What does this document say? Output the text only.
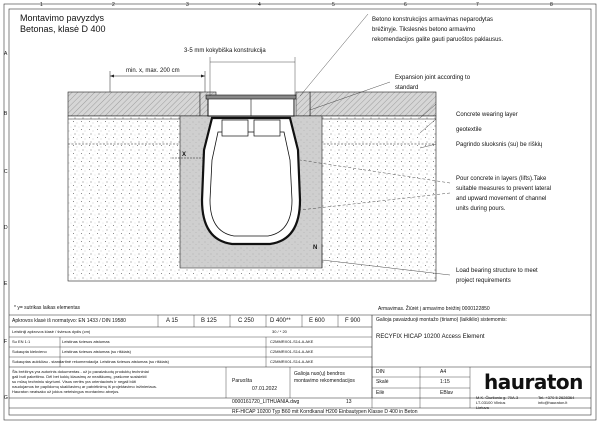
A
B
C
D
E
F
G
1	2	3	4	5	6	7	8
Montavimo pavyzdys
Betonas, klasė D 400
3-5 mm kokybiška konstrukcija
min. x, max. 200 cm
Betono konstrukcijos armavimas neparodytas
brėžinyje. Tikslesnės betono armavimo
rekomendacijos galite gauti paruoštos paklausus.
Expansion joint according to
standard
Concrete wearing layer
geotextile
Pagrindo sluoksnis (su) be riškių
Pour concrete in layers (lifts).Take
suitable measures to prevent lateral
and upward movement of channel
units during pours.
Load bearing structure to meet
project requirements
X
N
* y= sutrikas laikas elementas	Armavimas. Žiūrėt į armavimo brėžinį 0000122850
Apkrovos klasė iš normatyvo: EN 1433 / DIN 19580	A 15	B 125	C 250	D 400**	E 600	F 900
Leistiniji apkrovos klasė / šviesos dydis (cm)	30 / * 20
Su EN 1:1	Leistinas šviesos atstumas	C2MMRX01-S14-A.AKE
Sukaupta kiekvieno	Leistinas šviesos atstumas (su riškiais)	C2MMRX01-S14-A.AKE
Sukauptas aukščiau - standartinė rekomendacija Leistinas šviesos atstumas (su riškiais)	C2MMRX01-S14-A.AKE
Galioja pavaizduoji montažo (tiriamo) (laikiklio) sistemomis:
RECYFIX HICAP 10200 Access Element
Šis brėžinys yra autorinis dokumentas - už jo pavaizduotų produktų techniniai
gali buti pakeitimu. Dėl bet kokių klausimų ar neaiškumų, prašome susisiekti
su mūsų techniniu skyriumi. Visos vertės yra orientacinės ir negali būti
naudojamos be papildomų skaičiavimų ar patvirtinimų iš projektavimo inžinieriaus.
Hauraton neatsako už jokius neteisingus montavimo atvejus.
Paruošta
07.01.2022
Galioja nuo(ų) bendros
montavimo rekomendacijos
DIN	A4
Skalė	1:15
Eilė	EBlav
0000161720_LITHUANIA.dwg	13
RF-HICAP 10200 Typ B60 mit Korrdkanal H200 Einbautypen Klasse D 400 in Beton
hauraton
M.K. Čiurlionio g. 70A-3
LT-03100 Vilnius
Lietuva
Tel. +370 5 2628364
info@hauraton.lt
